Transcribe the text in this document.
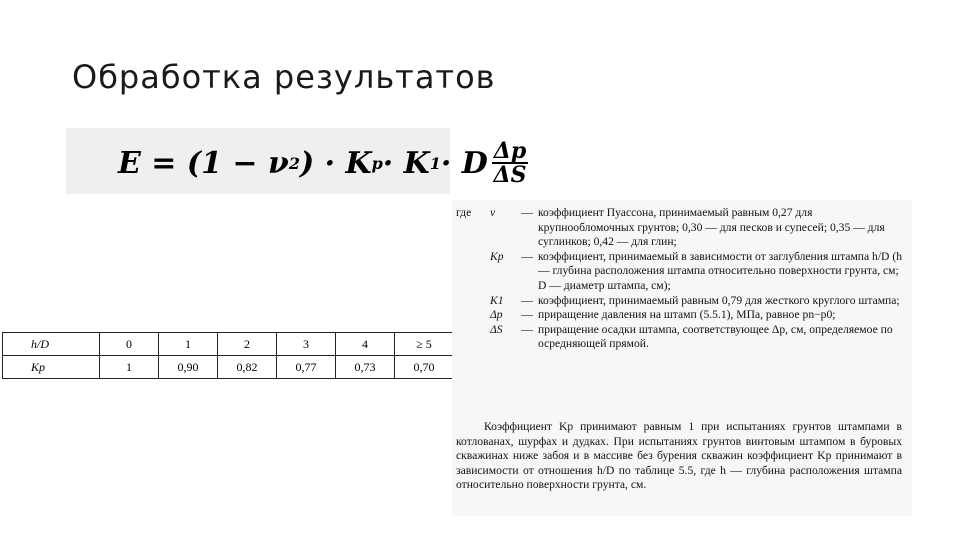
Обработка результатов
E = (1 − ν 2 ) · K p · K 1 · D $\frac{\Delta p}{\Delta S}$
h/D	0	1	2	3	4	≥ 5
Kp	1	0,90	0,82	0,77	0,73	0,70
где	ν	— коэффициент Пуассона, принимаемый равным 0,27 для крупнообломочных грунтов; 0,30 — для песков и супесей; 0,35 — для суглинков; 0,42 — для глин;
Kp	— коэффициент, принимаемый в зависимости от заглубления штампа h/D (h — глубина расположения штампа относительно поверхности грунта, см; D — диаметр штампа, см);
K1	— коэффициент, принимаемый равным 0,79 для жесткого круглого штампа;
Δp	— приращение давления на штамп (5.5.1), МПа, равное pn−p0;
ΔS	— приращение осадки штампа, соответствующее Δp, см, определяемое по осредняющей прямой.
Коэффициент Kp принимают равным 1 при испытаниях грунтов штампами в котлованах, шурфах и дудках. При испытаниях грунтов винтовым штампом в буровых скважинах ниже забоя и в массиве без бурения скважин коэффициент Kp принимают в зависимости от отношения h/D по таблице 5.5, где h — глубина расположения штампа относительно поверхности грунта, см.
